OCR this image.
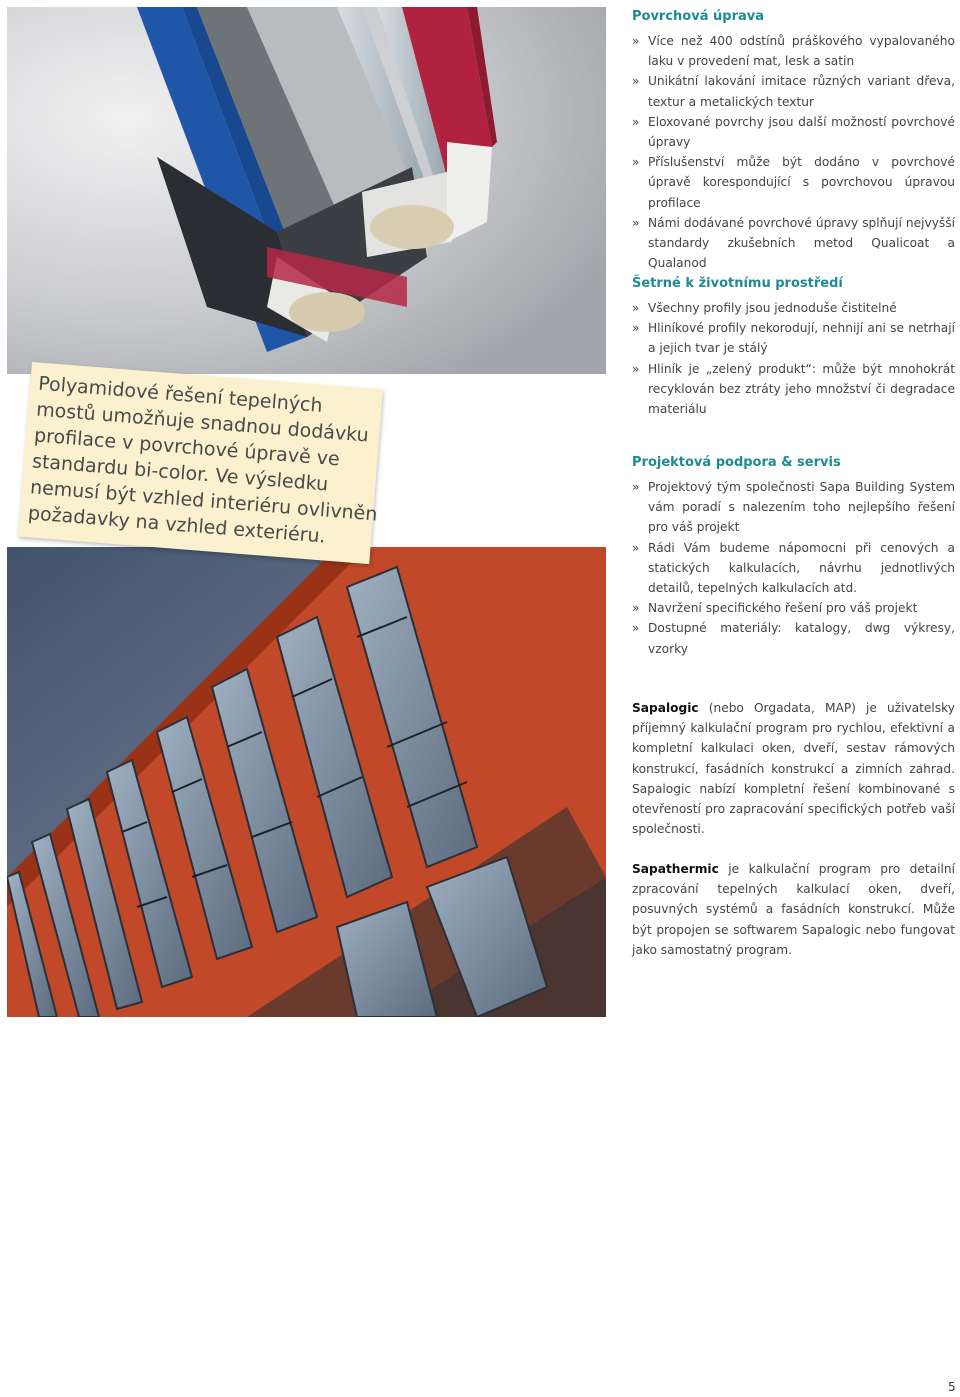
Polyamidové řešení tepelných mostů umožňuje snadnou dodávku profilace v povrchové úpravě ve standardu bi-color. Ve výsledku nemusí být vzhled interiéru ovlivněn požadavky na vzhled exteriéru.

Povrchová úprava
» Více než 400 odstínů práškového vypalovaného laku v provedení mat, lesk a satin
» Unikátní lakování imitace různých variant dřeva, textur a metalických textur
» Eloxované povrchy jsou další možností povrchové úpravy
» Příslušenství může být dodáno v povrchové úpravě korespondující s povrchovou úpravou profilace
» Námi dodávané povrchové úpravy splňují nejvyšší standardy zkušebních metod Qualicoat a Qualanod
Šetrné k životnímu prostředí
» Všechny profily jsou jednoduše čistitelné
» Hliníkové profily nekorodují, nehnijí ani se netrhají a jejich tvar je stálý
» Hliník je „zelený produkt“: může být mnohokrát recyklován bez ztráty jeho množství či degradace materiálu
Projektová podpora & servis
» Projektový tým společnosti Sapa Building System vám poradí s nalezením toho nejlepšího řešení pro váš projekt
» Rádi Vám budeme nápomocni při cenových a statických kalkulacích, návrhu jednotlivých detailů, tepelných kalkulacích atd.
» Navržení specifického řešení pro váš projekt
» Dostupné materiály: katalogy, dwg výkresy, vzorky

Sapalogic (nebo Orgadata, MAP) je uživatelsky příjemný kalkulační program pro rychlou, efektivní a kompletní kalkulaci oken, dveří, sestav rámových konstrukcí, fasádních konstrukcí a zimních zahrad. Sapalogic nabízí kompletní řešení kombinované s otevřeností pro zapracování specifických potřeb vaší společnosti.

Sapathermic je kalkulační program pro detailní zpracování tepelných kalkulací oken, dveří, posuvných systémů a fasádních konstrukcí. Může být propojen se softwarem Sapalogic nebo fungovat jako samostatný program.

5
